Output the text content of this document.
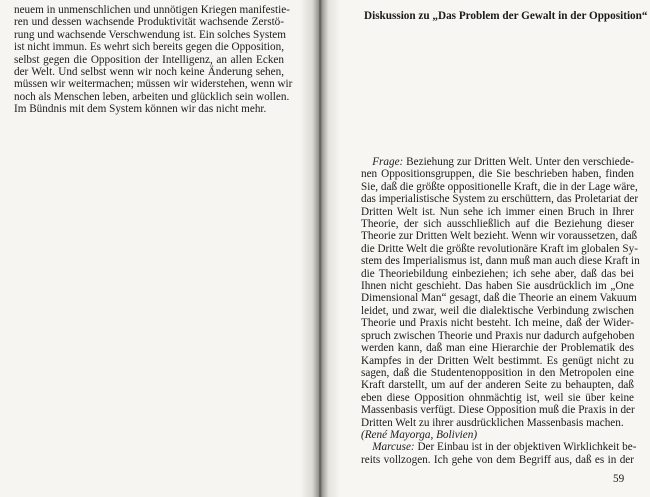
neuem in unmenschlichen und unnötigen Kriegen manifestie-
ren und dessen wachsende Produktivität wachsende Zerstö-
rung und wachsende Verschwendung ist. Ein solches System
ist nicht immun. Es wehrt sich bereits gegen die Opposition,
selbst gegen die Opposition der Intelligenz, an allen Ecken
der Welt. Und selbst wenn wir noch keine Änderung sehen,
müssen wir weitermachen; müssen wir widerstehen, wenn wir
noch als Menschen leben, arbeiten und glücklich sein wollen.
Im Bündnis mit dem System können wir das nicht mehr.
Diskussion zu „Das Problem der Gewalt in der Opposition“
 Frage: Beziehung zur Dritten Welt. Unter den verschiede-
nen Oppositionsgruppen, die Sie beschrieben haben, finden
Sie, daß die größte oppositionelle Kraft, die in der Lage wäre,
das imperialistische System zu erschüttern, das Proletariat der
Dritten Welt ist. Nun sehe ich immer einen Bruch in Ihrer
Theorie, der sich ausschließlich auf die Beziehung dieser
Theorie zur Dritten Welt bezieht. Wenn wir voraussetzen, daß
die Dritte Welt die größte revolutionäre Kraft im globalen Sy-
stem des Imperialismus ist, dann muß man auch diese Kraft in
die Theoriebildung einbeziehen; ich sehe aber, daß das bei
Ihnen nicht geschieht. Das haben Sie ausdrücklich im „One
Dimensional Man“ gesagt, daß die Theorie an einem Vakuum
leidet, und zwar, weil die dialektische Verbindung zwischen
Theorie und Praxis nicht besteht. Ich meine, daß der Wider-
spruch zwischen Theorie und Praxis nur dadurch aufgehoben
werden kann, daß man eine Hierarchie der Problematik des
Kampfes in der Dritten Welt bestimmt. Es genügt nicht zu
sagen, daß die Studentenopposition in den Metropolen eine
Kraft darstellt, um auf der anderen Seite zu behaupten, daß
eben diese Opposition ohnmächtig ist, weil sie über keine
Massenbasis verfügt. Diese Opposition muß die Praxis in der
Dritten Welt zu ihrer ausdrücklichen Massenbasis machen.
(René Mayorga, Bolivien)
 Marcuse: Der Einbau ist in der objektiven Wirklichkeit be-
reits vollzogen. Ich gehe von dem Begriff aus, daß es in der
59
